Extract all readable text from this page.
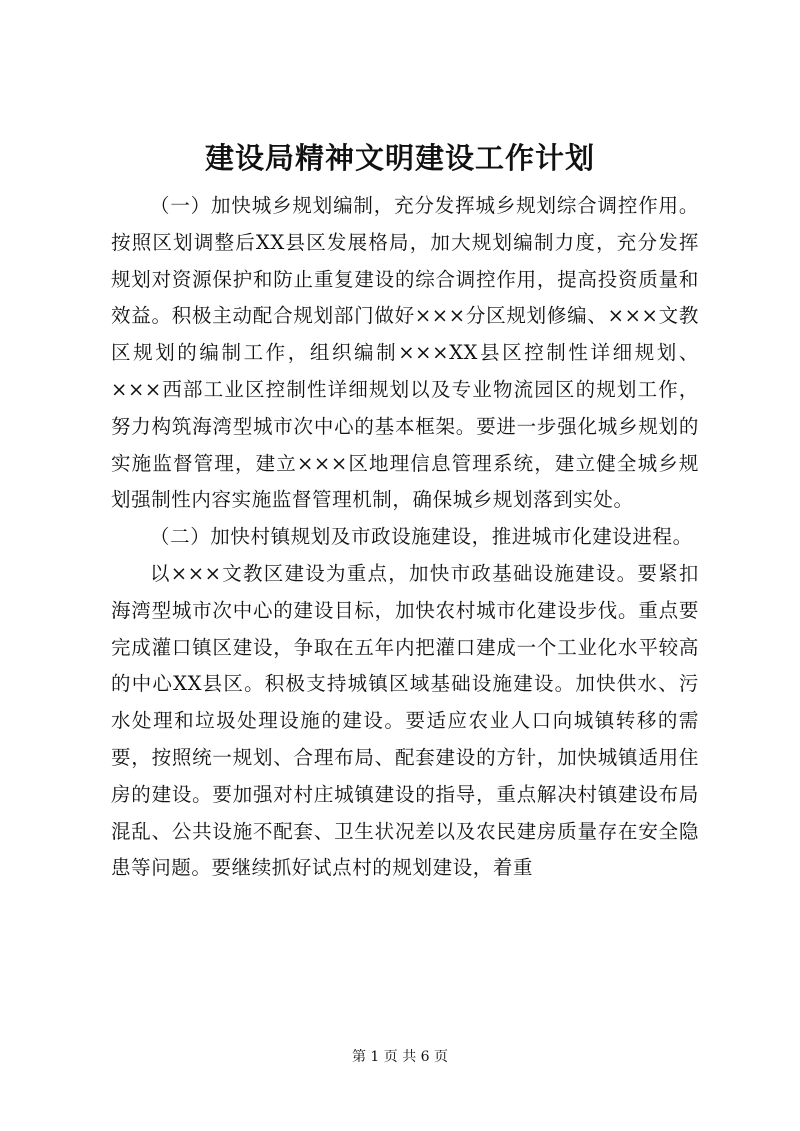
建设局精神文明建设工作计划

（一）加快城乡规划编制，充分发挥城乡规划综合调控作用。按照区划调整后XX县区发展格局，加大规划编制力度，充分发挥规划对资源保护和防止重复建设的综合调控作用，提高投资质量和效益。积极主动配合规划部门做好×××分区规划修编、×××文教区规划的编制工作，组织编制×××XX县区控制性详细规划、×××西部工业区控制性详细规划以及专业物流园区的规划工作，努力构筑海湾型城市次中心的基本框架。要进一步强化城乡规划的实施监督管理，建立×××区地理信息管理系统，建立健全城乡规划强制性内容实施监督管理机制，确保城乡规划落到实处。

（二）加快村镇规划及市政设施建设，推进城市化建设进程。

以×××文教区建设为重点，加快市政基础设施建设。要紧扣海湾型城市次中心的建设目标，加快农村城市化建设步伐。重点要完成灌口镇区建设，争取在五年内把灌口建成一个工业化水平较高的中心XX县区。积极支持城镇区域基础设施建设。加快供水、污水处理和垃圾处理设施的建设。要适应农业人口向城镇转移的需要，按照统一规划、合理布局、配套建设的方针，加快城镇适用住房的建设。要加强对村庄城镇建设的指导，重点解决村镇建设布局混乱、公共设施不配套、卫生状况差以及农民建房质量存在安全隐患等问题。要继续抓好试点村的规划建设，着重

第 1 页 共 6 页
